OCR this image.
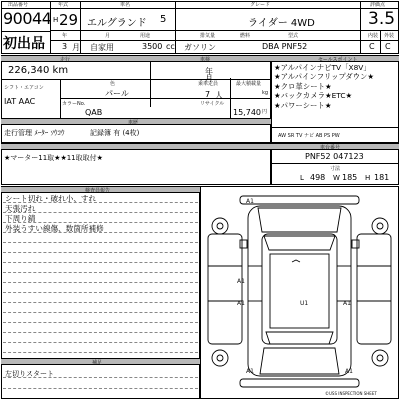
出品番号	年式	車名	グレード	評価点
90044
初出品
H 29 エルグランド 5	ライダー 4WD	3.5
年	月	用途	排気量	燃料	型式	内装 外装
3 月 自家用	3500 cc ガソリン	DBA PNF52	C C
走行	車検
226,340 km	年
月
色	乗車定員	最大積載量
シフト・エアコン
パール	7 人	kg
IAT AAC	カラーNo.	リサイクル
円
QAB	15,740
車歴
走行管理 ﾒｰﾀｰ ｿｳｺｳ	記録簿 有 (4枚)
セールスポイント
★アルパインナビTV「X8V」
★アルパインフリップダウン★
★クロ革シート★
★バックカメラ★ETC★
★パワーシート★
AW SR TV ナビ AB PS PW
★マーター11取★★11取取付★
車台番号
PNF52 047123
寸法
L 498 W 185 H 181
検査員報告
シート切れ・破れ小、すれ
天張汚れ
下周り錆
外装うすい線傷、数箇所補修
補足
左切りスタート
A1
A1
A1	U1	A1
A1	A1
©USS INSPECTION SHEET
